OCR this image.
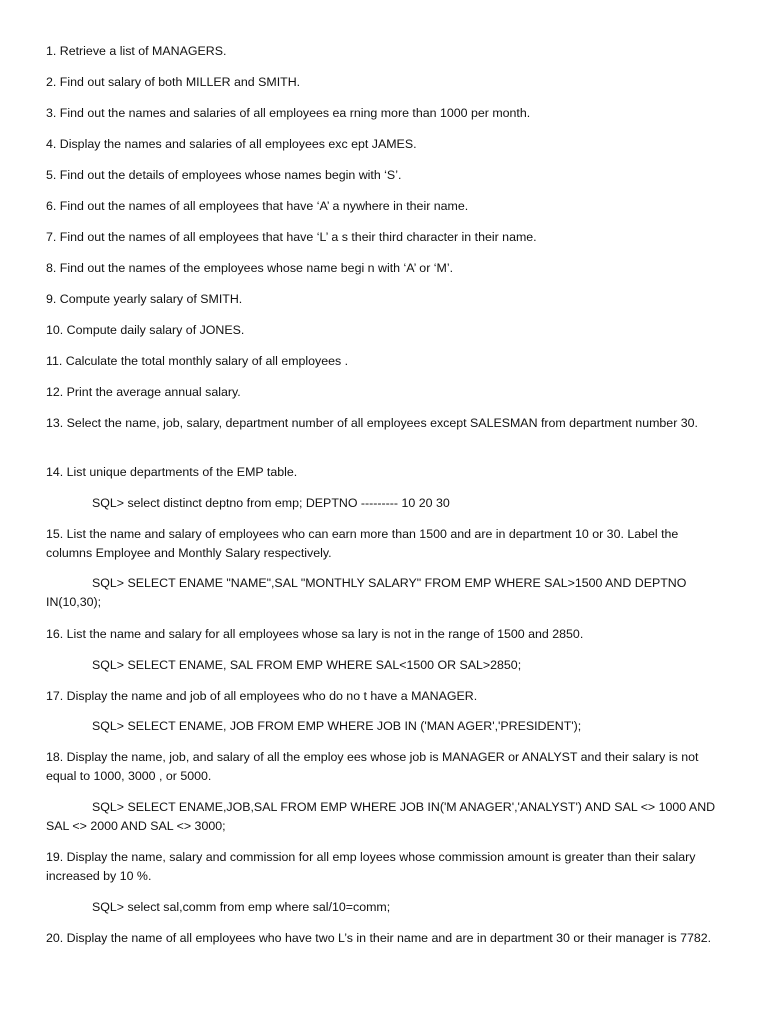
1. Retrieve a list of MANAGERS.
2. Find out salary of both MILLER and SMITH.
3. Find out the names and salaries of all employees ea rning more than 1000 per month.
4. Display the names and salaries of all employees exc ept JAMES.
5. Find out the details of employees whose names begin with ‘S’.
6. Find out the names of all employees that have ‘A’ a nywhere in their name.
7. Find out the names of all employees that have ‘L’ a s their third character in their name.
8. Find out the names of the employees whose name begi n with ‘A’ or ‘M’.
9. Compute yearly salary of SMITH.
10. Compute daily salary of JONES.
11. Calculate the total monthly salary of all employees .
12. Print the average annual salary.
13. Select the name, job, salary, department number of all employees except SALESMAN from department number 30.
14. List unique departments of the EMP table.
SQL> select distinct deptno from emp; DEPTNO --------- 10 20 30
15. List the name and salary of employees who can earn more than 1500 and are in department 10 or 30. Label the columns Employee and Monthly Salary respectively.
SQL> SELECT ENAME "NAME",SAL "MONTHLY SALARY" FROM EMP WHERE SAL>1500 AND DEPTNO IN(10,30);
16. List the name and salary for all employees whose sa lary is not in the range of 1500 and 2850.
SQL> SELECT ENAME, SAL FROM EMP WHERE SAL<1500 OR SAL>2850;
17. Display the name and job of all employees who do no t have a MANAGER.
SQL> SELECT ENAME, JOB FROM EMP WHERE JOB IN ('MAN AGER','PRESIDENT');
18. Display the name, job, and salary of all the employ ees whose job is MANAGER or ANALYST and their salary is not equal to 1000, 3000 , or 5000.
SQL> SELECT ENAME,JOB,SAL FROM EMP WHERE JOB IN('M ANAGER','ANALYST') AND SAL <> 1000 AND SAL <> 2000 AND SAL <> 3000;
19. Display the name, salary and commission for all emp loyees whose commission amount is greater than their salary increased by 10 %.
SQL> select sal,comm from emp where sal/10=comm;
20. Display the name of all employees who have two L’s in their name and are in department 30 or their manager is 7782.
